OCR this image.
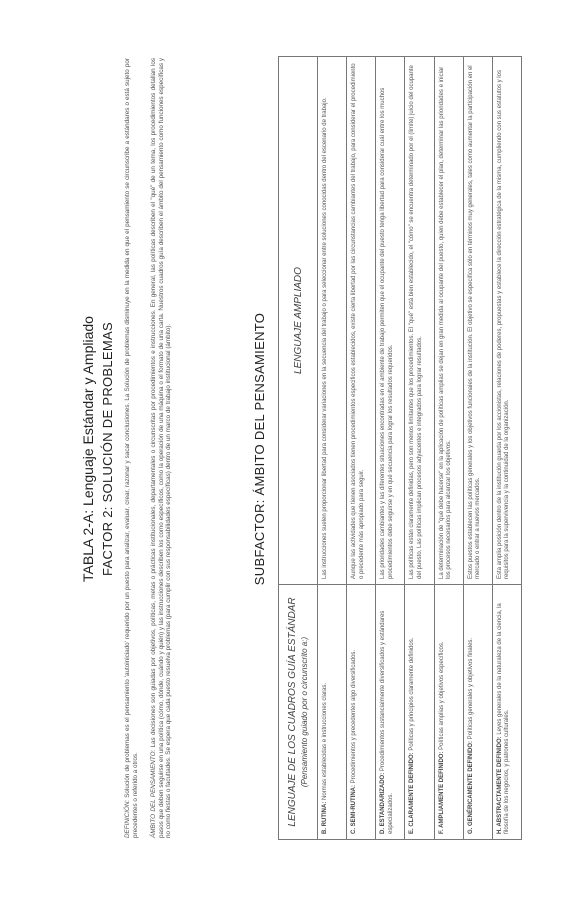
TABLA 2-A: Lenguaje Estándar y Ampliado FACTOR 2: SOLUCIÓN DE PROBLEMAS
DEFINICIÓN: Solución de problemas es el pensamiento 'autoiniciado' requerido por un puesto para analizar, evaluar, crear, razonar y sacar conclusiones. La Solución de problemas disminuye en la medida en que el pensamiento se circunscribe a estándares o está sujeto por precedentes o referido a otros. ÁMBITO DEL PENSAMIENTO: Las decisiones son guiadas por objetivos, políticas, metas o prácticas institucionales, departamentales o circunscritas por procedimientos e instrucciones. En general, las políticas describen el "qué" de un tema, los procedimientos detallan los pasos que deben seguirse en una política (cómo, dónde, cuándo y quién) y las instrucciones describen los como específicos, como la operación de una máquina o el formato de una carta. Nuestros cuadros guía describen el ámbito del pensamiento como funciones específicas y no como fiestas o facultades. Se espera que cada puesto resuelva problemas (para cumplir con sus responsabilidades específicas) dentro de un marco de trabajo institucional (ámbito).	SUBFACTOR: ÁMBITO DEL PENSAMIENTO
LENGUAJE DE LOS CUADROS GUÍA ESTÁNDAR (Pensamiento guiado por o circunscrito a:)
LENGUAJE AMPLIADO
B. RUTINA: Normas establecidas e instrucciones claras.
Las instrucciones suelen proporcionar libertad para considerar variaciones en la secuencia del trabajo o para seleccionar entre soluciones conocidas dentro del escenario de trabajo.
C. SEMI-RUTINA: Procedimientos y precedentes algo diversificados.
Aunque las actividades que tienen asociados tienen procedimientos especificos establecidos, existe cierta libertad por las circunstancias cambiantes del trabajo, para considerar el procedimiento o precedente más apropiado para seguir.
D. ESTANDARIZADO: Procedimientos sustancialmente diversificados y estándares especializados.
Las prioridades cambiantes y las diferentes situaciones encontradas en el ambiente de trabajo permiten que el ocupante del puesto tenga libertad para considerar cuál entre los muchos procedimientos debe seguirse y en qué secuencia para lograr los resultados requeridos.
E. CLARAMENTE DEFINIDO: Políticas y principios claramente definidos.
Las políticas están claramente definidas, pero son menos limitantes que los procedimientos. El "qué" está bien establecido, el "cómo" se encuentra determinado por el (limite) juicio del ocupante del puesto. Las políticas implican procesos adyacentes e integrados para lograr resultados.
F. AMPLIAMENTE DEFINIDO: Políticas amplias y objetivos específicos.
La determinación de "qué debe hacerse" en la aplicación de políticas amplias se dejan en gran medida al ocupante del puesto, quien debe establecer el plan, determinar las prioridades e iniciar los procesos necesarios para alcanzar los objetivos.
G. GENÉRICAMENTE DEFINIDO: Políticas generales y objetivos finales.
Estos puestos establecen las políticas generales y los objetivos funcionales de la institución. El objetivo se especifica sólo en términos muy generales, tales como aumentar la participación en el mercado o entrar a nuevos mercados.
H. ABSTRACTAMENTE DEFINIDO: Leyes generales de la naturaleza de la ciencia, la filosofía de los negocios, y patrones culturales.
Esta amplia posición dentro de la institución guarda por los accionistas, relaciones de poderes, propuestas y establece la dirección estratégica de la misma, cumpliendo con sus estatutos y los requisitos para la supervivencia y la continuidad de la organización.
